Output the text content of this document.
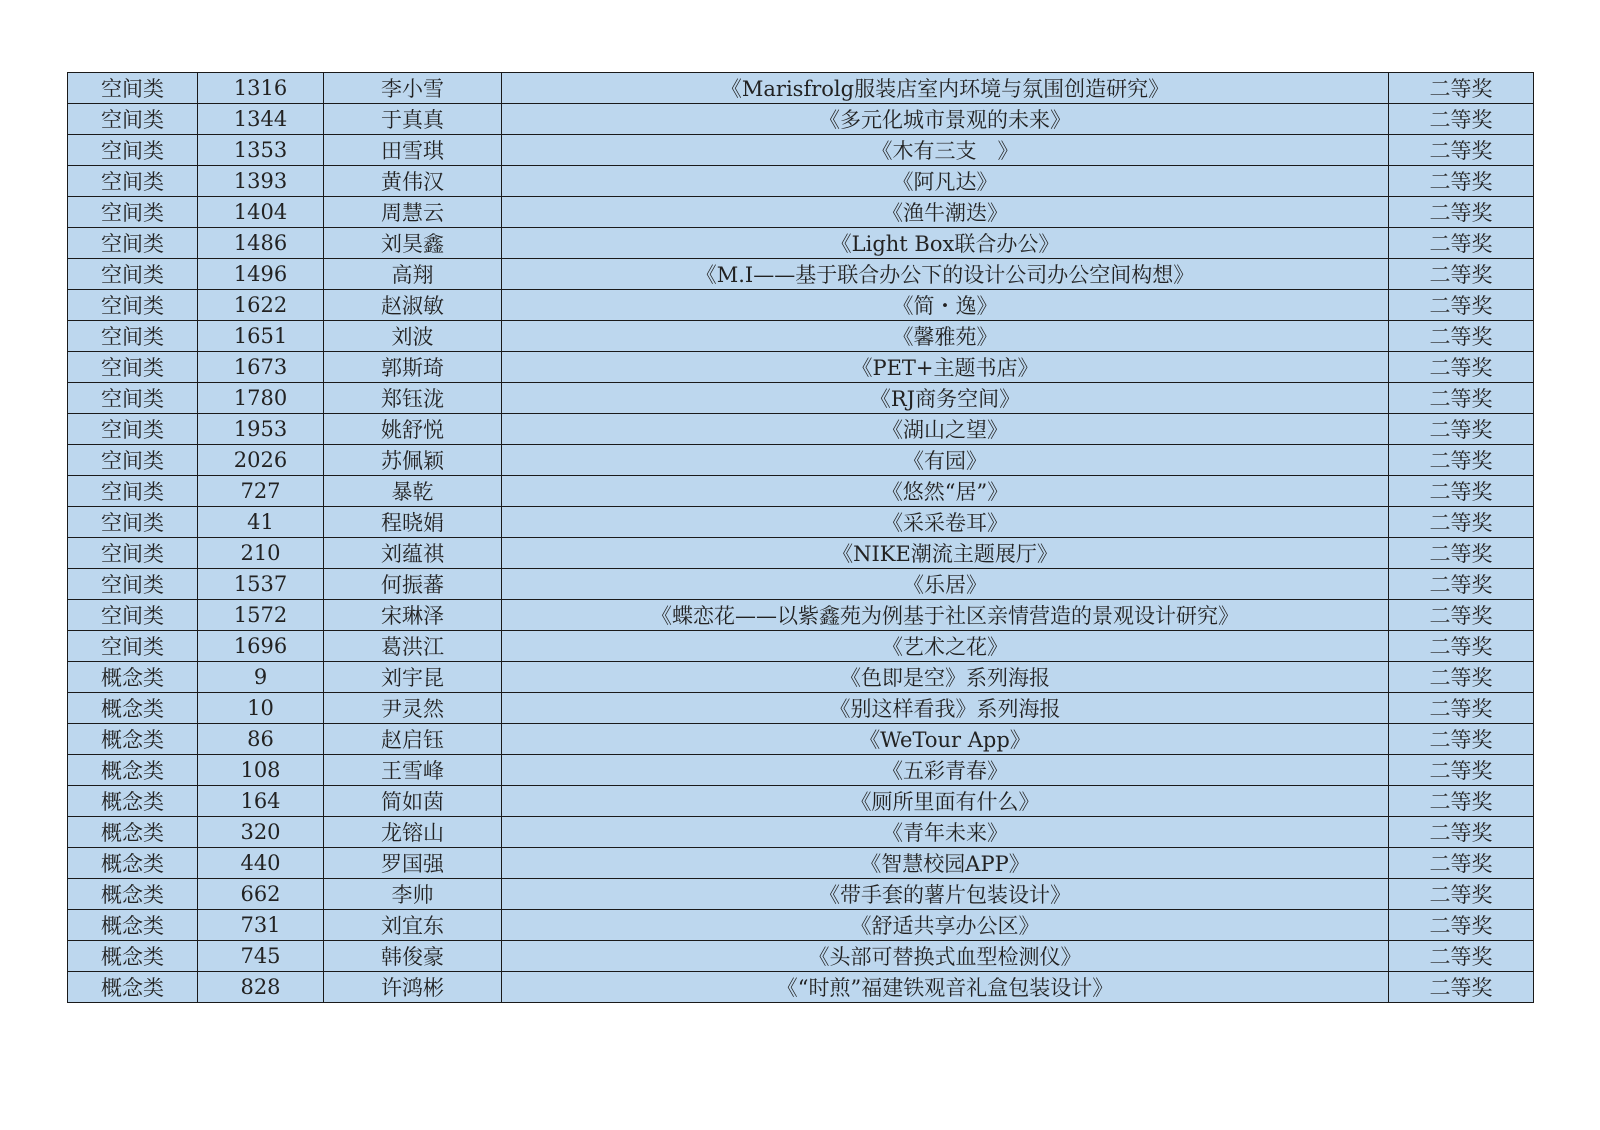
空间类	1316	李小雪	《Marisfrolg服装店室内环境与氛围创造研究》	二等奖
空间类	1344	于真真	《多元化城市景观的未来》	二等奖
空间类	1353	田雪琪	《木有三支　》	二等奖
空间类	1393	黄伟汉	《阿凡达》	二等奖
空间类	1404	周慧云	《渔牛潮迭》	二等奖
空间类	1486	刘昊鑫	《Light Box联合办公》	二等奖
空间类	1496	高翔	《M.I——基于联合办公下的设计公司办公空间构想》	二等奖
空间类	1622	赵淑敏	《简・逸》	二等奖
空间类	1651	刘波	《馨雅苑》	二等奖
空间类	1673	郭斯琦	《PET+主题书店》	二等奖
空间类	1780	郑钰泷	《RJ商务空间》	二等奖
空间类	1953	姚舒悦	《湖山之望》	二等奖
空间类	2026	苏佩颖	《有园》	二等奖
空间类	727	暴乾	《悠然“居”》	二等奖
空间类	41	程晓娟	《采采卷耳》	二等奖
空间类	210	刘蕴祺	《NIKE潮流主题展厅》	二等奖
空间类	1537	何振蕃	《乐居》	二等奖
空间类	1572	宋琳泽	《蝶恋花——以紫鑫苑为例基于社区亲情营造的景观设计研究》	二等奖
空间类	1696	葛洪江	《艺术之花》	二等奖
概念类	9	刘宇昆	《色即是空》系列海报	二等奖
概念类	10	尹灵然	《别这样看我》系列海报	二等奖
概念类	86	赵启钰	《WeTour App》	二等奖
概念类	108	王雪峰	《五彩青春》	二等奖
概念类	164	简如茵	《厕所里面有什么》	二等奖
概念类	320	龙镕山	《青年未来》	二等奖
概念类	440	罗国强	《智慧校园APP》	二等奖
概念类	662	李帅	《带手套的薯片包装设计》	二等奖
概念类	731	刘宜东	《舒适共享办公区》	二等奖
概念类	745	韩俊豪	《头部可替换式血型检测仪》	二等奖
概念类	828	许鸿彬	《“时煎”福建铁观音礼盒包装设计》	二等奖
